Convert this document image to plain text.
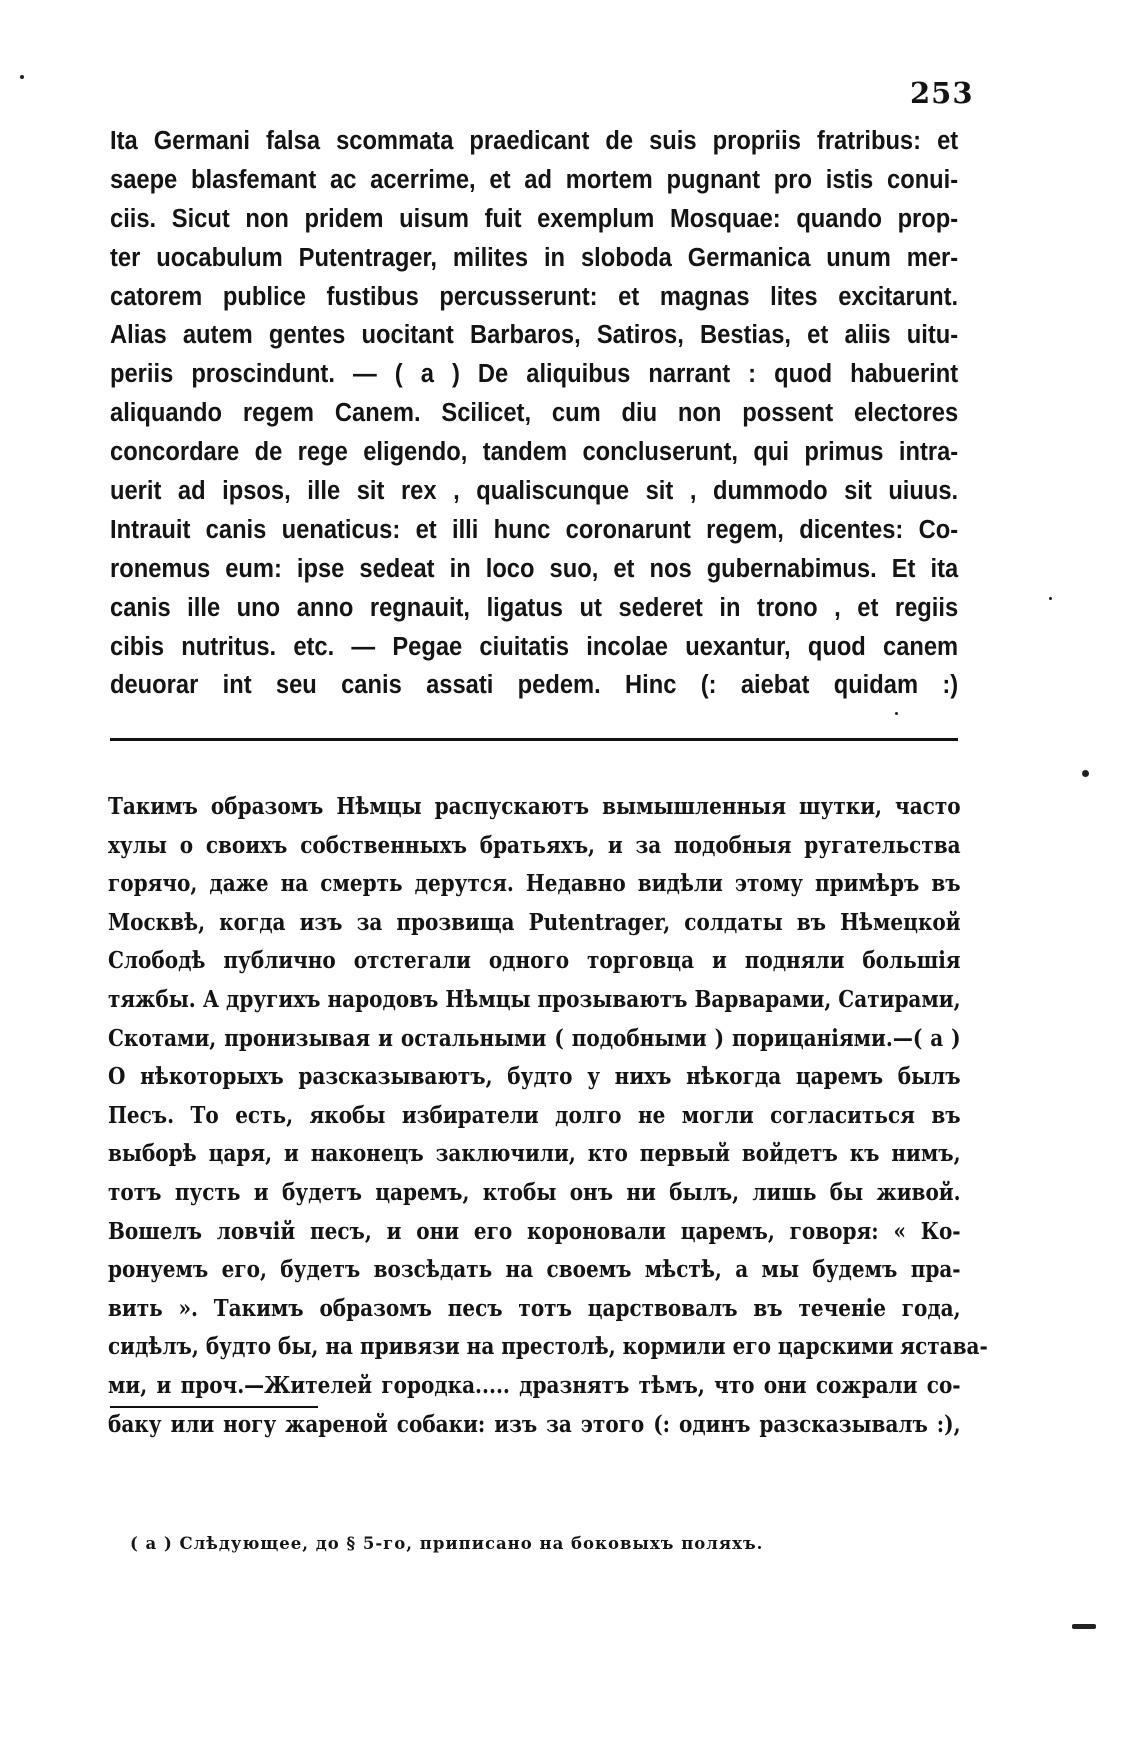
253
Ita Germani falsa scommata praedicant de suis propriis fratribus: et
saepe blasfemant ac acerrime, et ad mortem pugnant pro istis conui-
ciis. Sicut non pridem uisum fuit exemplum Mosquae: quando prop-
ter uocabulum Putentrager, milites in sloboda Germanica unum mer-
catorem publice fustibus percusserunt: et magnas lites excitarunt.
Alias autem gentes uocitant Barbaros, Satiros, Bestias, et aliis uitu-
periis proscindunt. — ( a ) De aliquibus narrant : quod habuerint
aliquando regem Canem. Scilicet, cum diu non possent electores
concordare de rege eligendo, tandem concluserunt, qui primus intra-
uerit ad ipsos, ille sit rex , qualiscunque sit , dummodo sit uiuus.
Intrauit canis uenaticus: et illi hunc coronarunt regem, dicentes: Co-
ronemus eum: ipse sedeat in loco suo, et nos gubernabimus. Et ita
canis ille uno anno regnauit, ligatus ut sederet in trono , et regiis
cibis nutritus. etc. — Pegae ciuitatis incolae uexantur, quod canem
deuorar int seu canis assati pedem. Hinc (: aiebat quidam :)
Такимъ образомъ Нѣмцы распускаютъ вымышленныя шутки, часто
хулы о своихъ собственныхъ братьяхъ, и за подобныя ругательства
горячо, даже на смерть дерутся. Недавно видѣли этому примѣръ въ
Москвѣ, когда изъ за прозвища Putentrager, солдаты въ Нѣмецкой
Слободѣ публично отстегали одного торговца и подняли большія
тяжбы. А другихъ народовъ Нѣмцы прозываютъ Варварами, Сатирами,
Скотами, пронизывая и остальными ( подобными ) порицаніями.—( а )
О нѣкоторыхъ разсказываютъ, будто у нихъ нѣкогда царемъ былъ
Песъ. То есть, якобы избиратели долго не могли согласиться въ
выборѣ царя, и наконецъ заключили, кто первый войдетъ къ нимъ,
тотъ пусть и будетъ царемъ, ктобы онъ ни былъ, лишь бы живой.
Вошелъ ловчій песъ, и они его короновали царемъ, говоря: « Ко-
ронуемъ его, будетъ возсѣдать на своемъ мѣстѣ, а мы будемъ пра-
вить ». Такимъ образомъ песъ тотъ царствовалъ въ теченіе года,
сидѣлъ, будто бы, на привязи на престолѣ, кормили его царскими ястава-
ми, и проч.—Жителей городка..... дразнятъ тѣмъ, что они сожрали со-
баку или ногу жареной собаки: изъ за этого (: одинъ разсказывалъ :),
( а ) Слѣдующее, до § 5-го, приписано на боковыхъ поляхъ.
